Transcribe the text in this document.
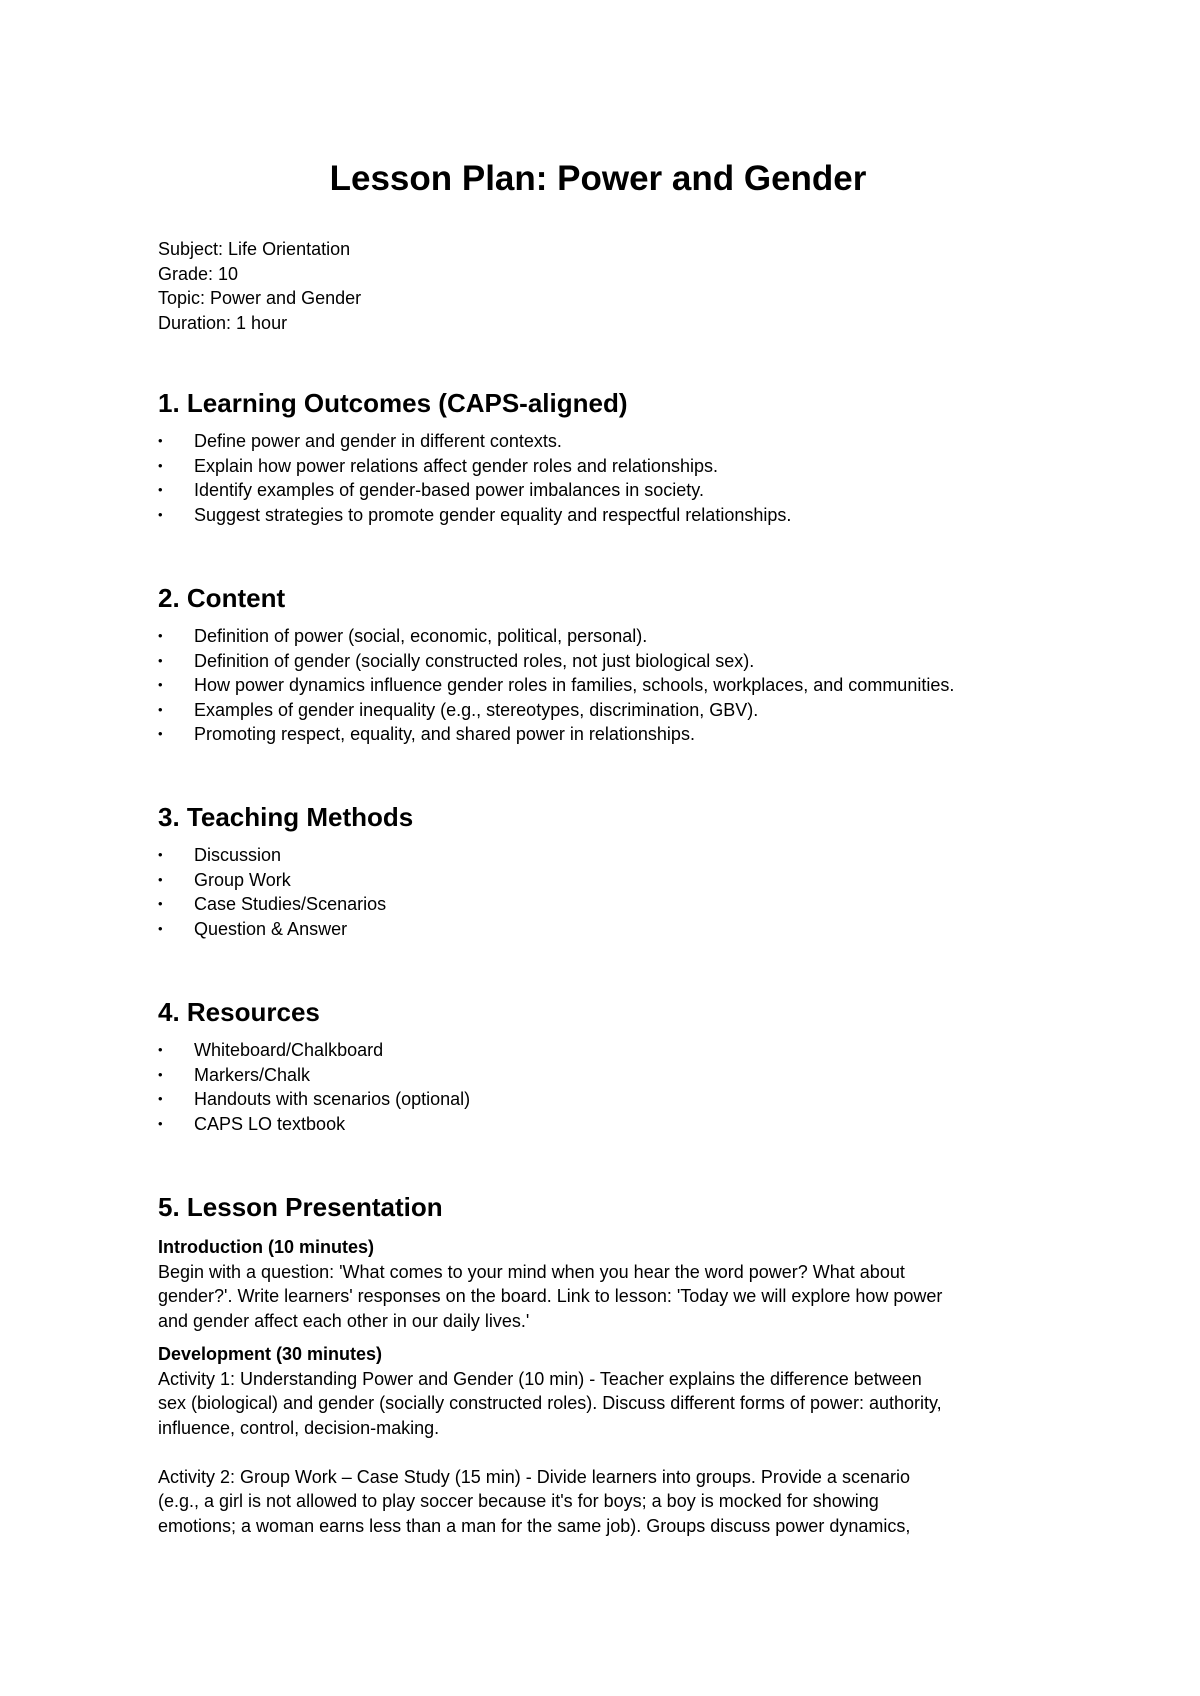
Lesson Plan: Power and Gender
Subject: Life Orientation
Grade: 10
Topic: Power and Gender
Duration: 1 hour
1. Learning Outcomes (CAPS-aligned)
•	Define power and gender in different contexts.
•	Explain how power relations affect gender roles and relationships.
•	Identify examples of gender-based power imbalances in society.
•	Suggest strategies to promote gender equality and respectful relationships.
2. Content
•	Definition of power (social, economic, political, personal).
•	Definition of gender (socially constructed roles, not just biological sex).
•	How power dynamics influence gender roles in families, schools, workplaces, and communities.
•	Examples of gender inequality (e.g., stereotypes, discrimination, GBV).
•	Promoting respect, equality, and shared power in relationships.
3. Teaching Methods
•	Discussion
•	Group Work
•	Case Studies/Scenarios
•	Question & Answer
4. Resources
•	Whiteboard/Chalkboard
•	Markers/Chalk
•	Handouts with scenarios (optional)
•	CAPS LO textbook
5. Lesson Presentation

Introduction (10 minutes)

Begin with a question: 'What comes to your mind when you hear the word power? What about

gender?'. Write learners' responses on the board. Link to lesson: 'Today we will explore how power

and gender affect each other in our daily lives.'

Development (30 minutes)

Activity 1: Understanding Power and Gender (10 min) - Teacher explains the difference between

sex (biological) and gender (socially constructed roles). Discuss different forms of power: authority,

influence, control, decision-making.

Activity 2: Group Work – Case Study (15 min) - Divide learners into groups. Provide a scenario

(e.g., a girl is not allowed to play soccer because it's for boys; a boy is mocked for showing

emotions; a woman earns less than a man for the same job). Groups discuss power dynamics,
